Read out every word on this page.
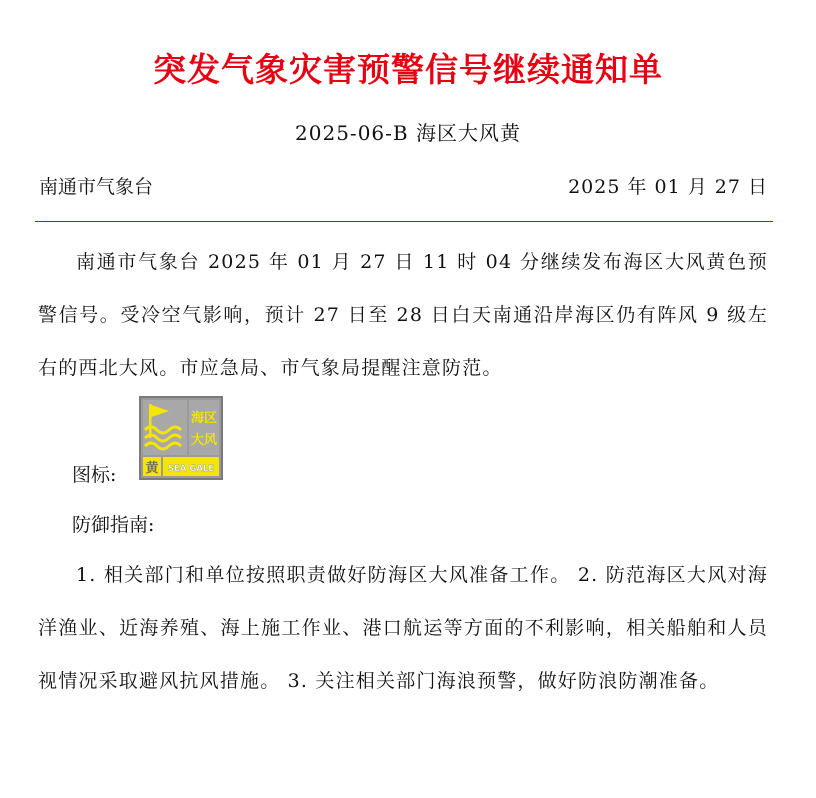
突发气象灾害预警信号继续通知单
2025-06-B 海区大风黄
南通市气象台	2025 年 01 月 27 日
南通市气象台 2025 年 01 月 27 日 11 时 04 分继续发布海区大风黄色预警信号。受冷空气影响，预计 27 日至 28 日白天南通沿岸海区仍有阵风 9 级左右的西北大风。市应急局、市气象局提醒注意防范。
图标:
海区
大风
黄 SEA GALE
防御指南:
1. 相关部门和单位按照职责做好防海区大风准备工作。 2. 防范海区大风对海洋渔业、近海养殖、海上施工作业、港口航运等方面的不利影响，相关船舶和人员视情况采取避风抗风措施。 3. 关注相关部门海浪预警，做好防浪防潮准备。
